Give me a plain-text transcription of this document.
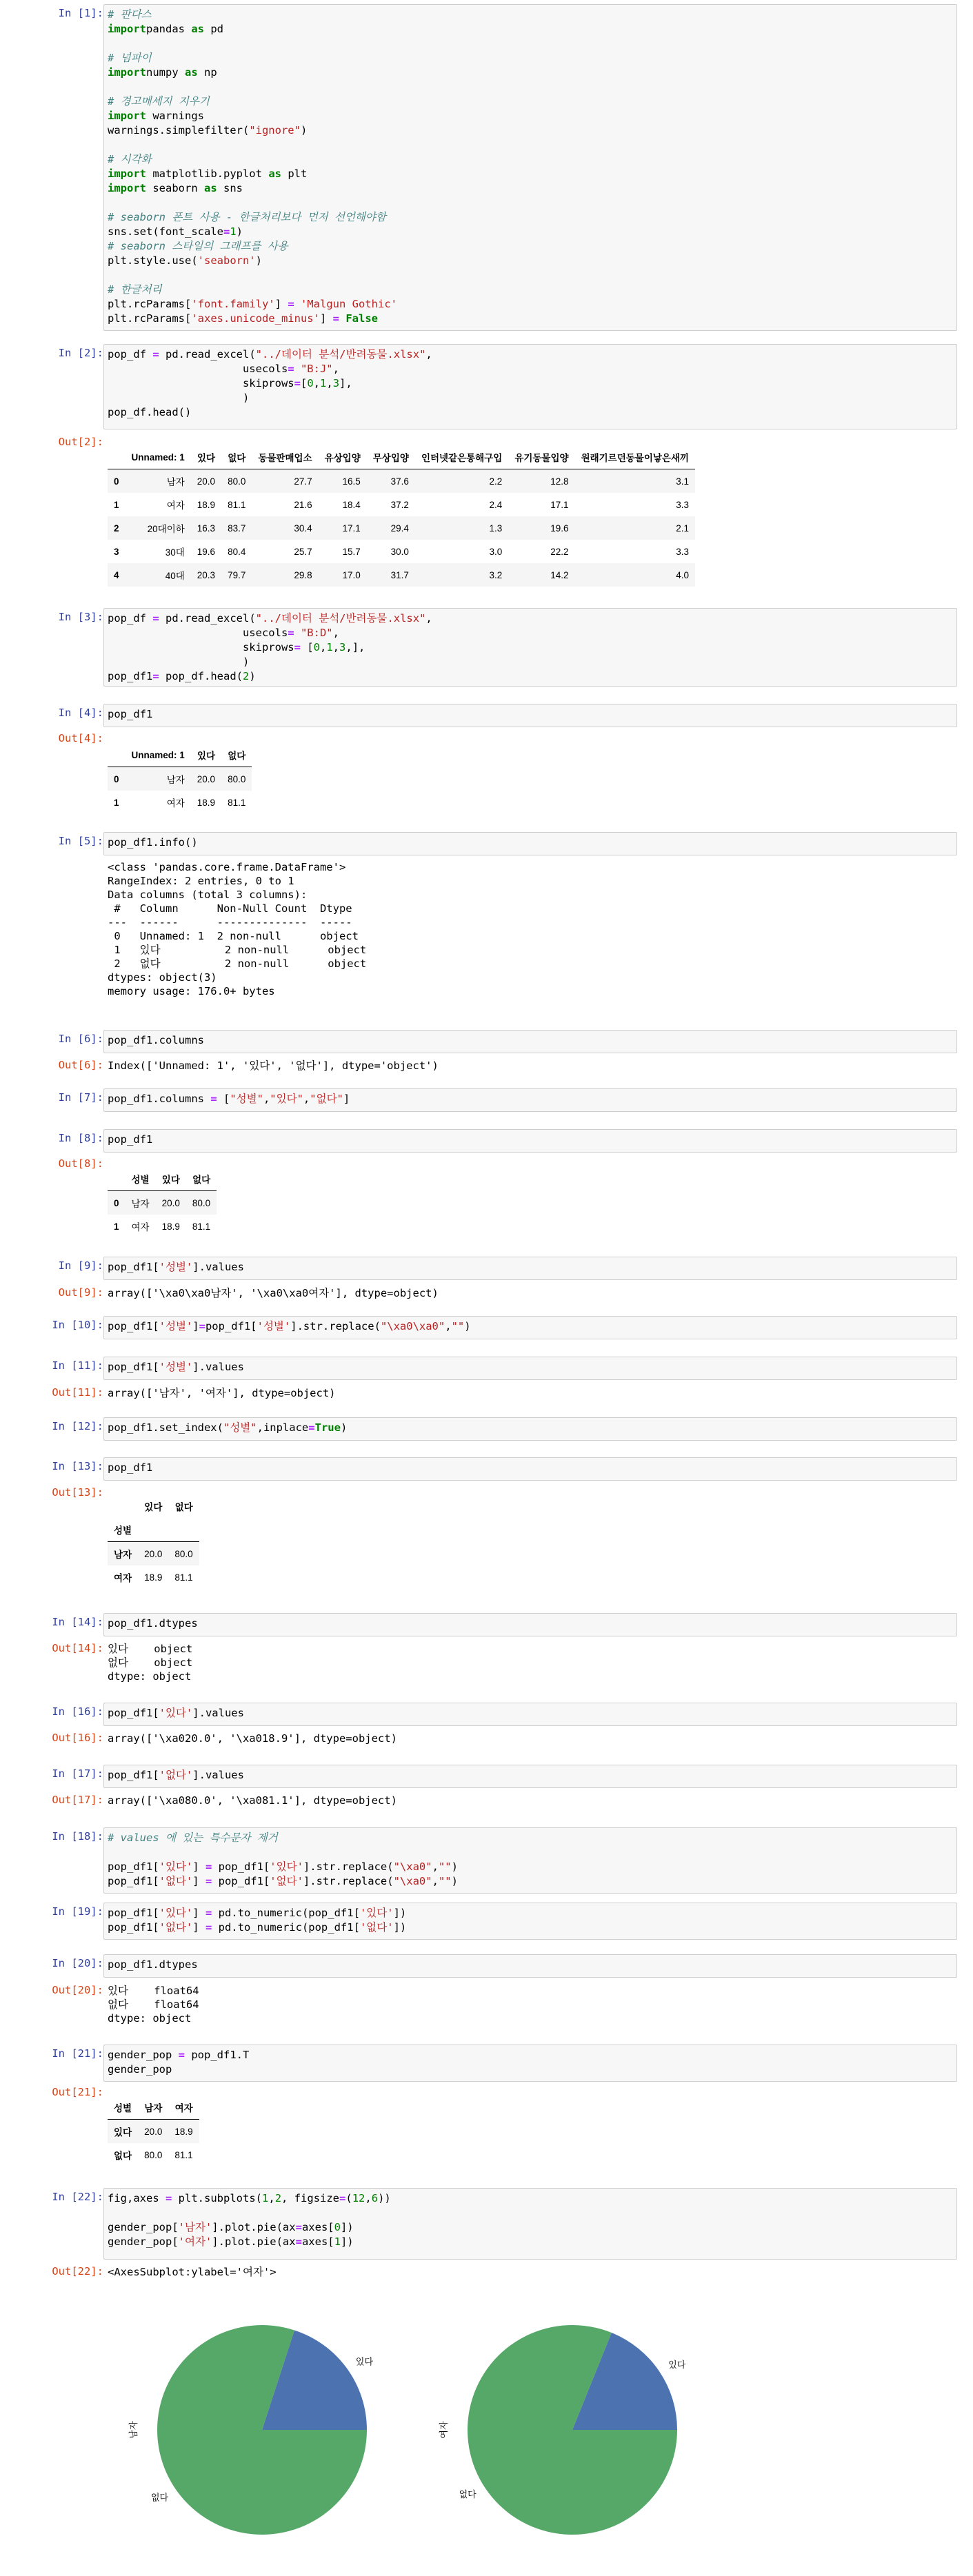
In [1]: # 판다스
importpandas as pd
# 넘파이
importnumpy as np
# 경고메세지 지우기
import warnings
warnings.simplefilter("ignore")
# 시각화
import matplotlib.pyplot as plt
import seaborn as sns
# seaborn 폰트 사용 - 한글처리보다 먼저 선언해야함
sns.set(font_scale=1)
# seaborn 스타일의 그래프를 사용
plt.style.use('seaborn')
# 한글처리
plt.rcParams['font.family'] = 'Malgun Gothic'
plt.rcParams['axes.unicode_minus'] = False
In [2]: pop_df = pd.read_excel("../데이터 분석/반려동물.xlsx",
usecols= "B:J",
skiprows=[0,1,3],
)
pop_df.head()
Out[2]:
	Unnamed: 1	있다	없다	동물판매업소	유상입양	무상입양	인터넷같은통해구입	유기동물입양	원래기르던동물이낳은새끼
0	남자	20.0	80.0	27.7	16.5	37.6	2.2	12.8	3.1
1	여자	18.9	81.1	21.6	18.4	37.2	2.4	17.1	3.3
2	20대이하	16.3	83.7	30.4	17.1	29.4	1.3	19.6	2.1
3	30대	19.6	80.4	25.7	15.7	30.0	3.0	22.2	3.3
4	40대	20.3	79.7	29.8	17.0	31.7	3.2	14.2	4.0
In [3]: pop_df = pd.read_excel("../데이터 분석/반려동물.xlsx",
usecols= "B:D",
skiprows= [0,1,3,],
)
pop_df1= pop_df.head(2)
In [4]: pop_df1
Out[4]:
	Unnamed: 1	있다	없다
0	남자	20.0	80.0
1	여자	18.9	81.1
In [5]: pop_df1.info()
<class 'pandas.core.frame.DataFrame'>
RangeIndex: 2 entries, 0 to 1
Data columns (total 3 columns):
#   Column      Non-Null Count  Dtype
---  ------      --------------  -----
0   Unnamed: 1  2 non-null      object
1   있다          2 non-null      object
2   없다          2 non-null      object
dtypes: object(3)
memory usage: 176.0+ bytes
In [6]: pop_df1.columns
Out[6]: Index(['Unnamed: 1', '있다', '없다'], dtype='object')
In [7]: pop_df1.columns = ["성별","있다","없다"]
In [8]: pop_df1
Out[8]:
	성별	있다	없다
0	남자	20.0	80.0
1	여자	18.9	81.1
In [9]: pop_df1['성별'].values
Out[9]: array(['\xa0\xa0남자', '\xa0\xa0여자'], dtype=object)
In [10]: pop_df1['성별']=pop_df1['성별'].str.replace("\xa0\xa0","")
In [11]: pop_df1['성별'].values
Out[11]: array(['남자', '여자'], dtype=object)
In [12]: pop_df1.set_index("성별",inplace=True)
In [13]: pop_df1
Out[13]:
	있다	없다
성별		
남자	20.0	80.0
여자	18.9	81.1
In [14]: pop_df1.dtypes
Out[14]: 있다    object
없다    object
dtype: object
In [16]: pop_df1['있다'].values
Out[16]: array(['\xa020.0', '\xa018.9'], dtype=object)
In [17]: pop_df1['없다'].values
Out[17]: array(['\xa080.0', '\xa081.1'], dtype=object)
In [18]: # values 에 있는 특수문자 제거
pop_df1['있다'] = pop_df1['있다'].str.replace("\xa0","")
pop_df1['없다'] = pop_df1['없다'].str.replace("\xa0","")
In [19]: pop_df1['있다'] = pd.to_numeric(pop_df1['있다'])
pop_df1['없다'] = pd.to_numeric(pop_df1['없다'])
In [20]: pop_df1.dtypes
Out[20]: 있다    float64
없다    float64
dtype: object
In [21]: gender_pop = pop_df1.T
gender_pop
Out[21]:
성별	남자	여자
있다	20.0	18.9
없다	80.0	81.1
In [22]: fig,axes = plt.subplots(1,2, figsize=(12,6))
gender_pop['남자'].plot.pie(ax=axes[0])
gender_pop['여자'].plot.pie(ax=axes[1])
Out[22]: <AxesSubplot:ylabel='여자'>
있다
없다
남자
있다
없다
여자
